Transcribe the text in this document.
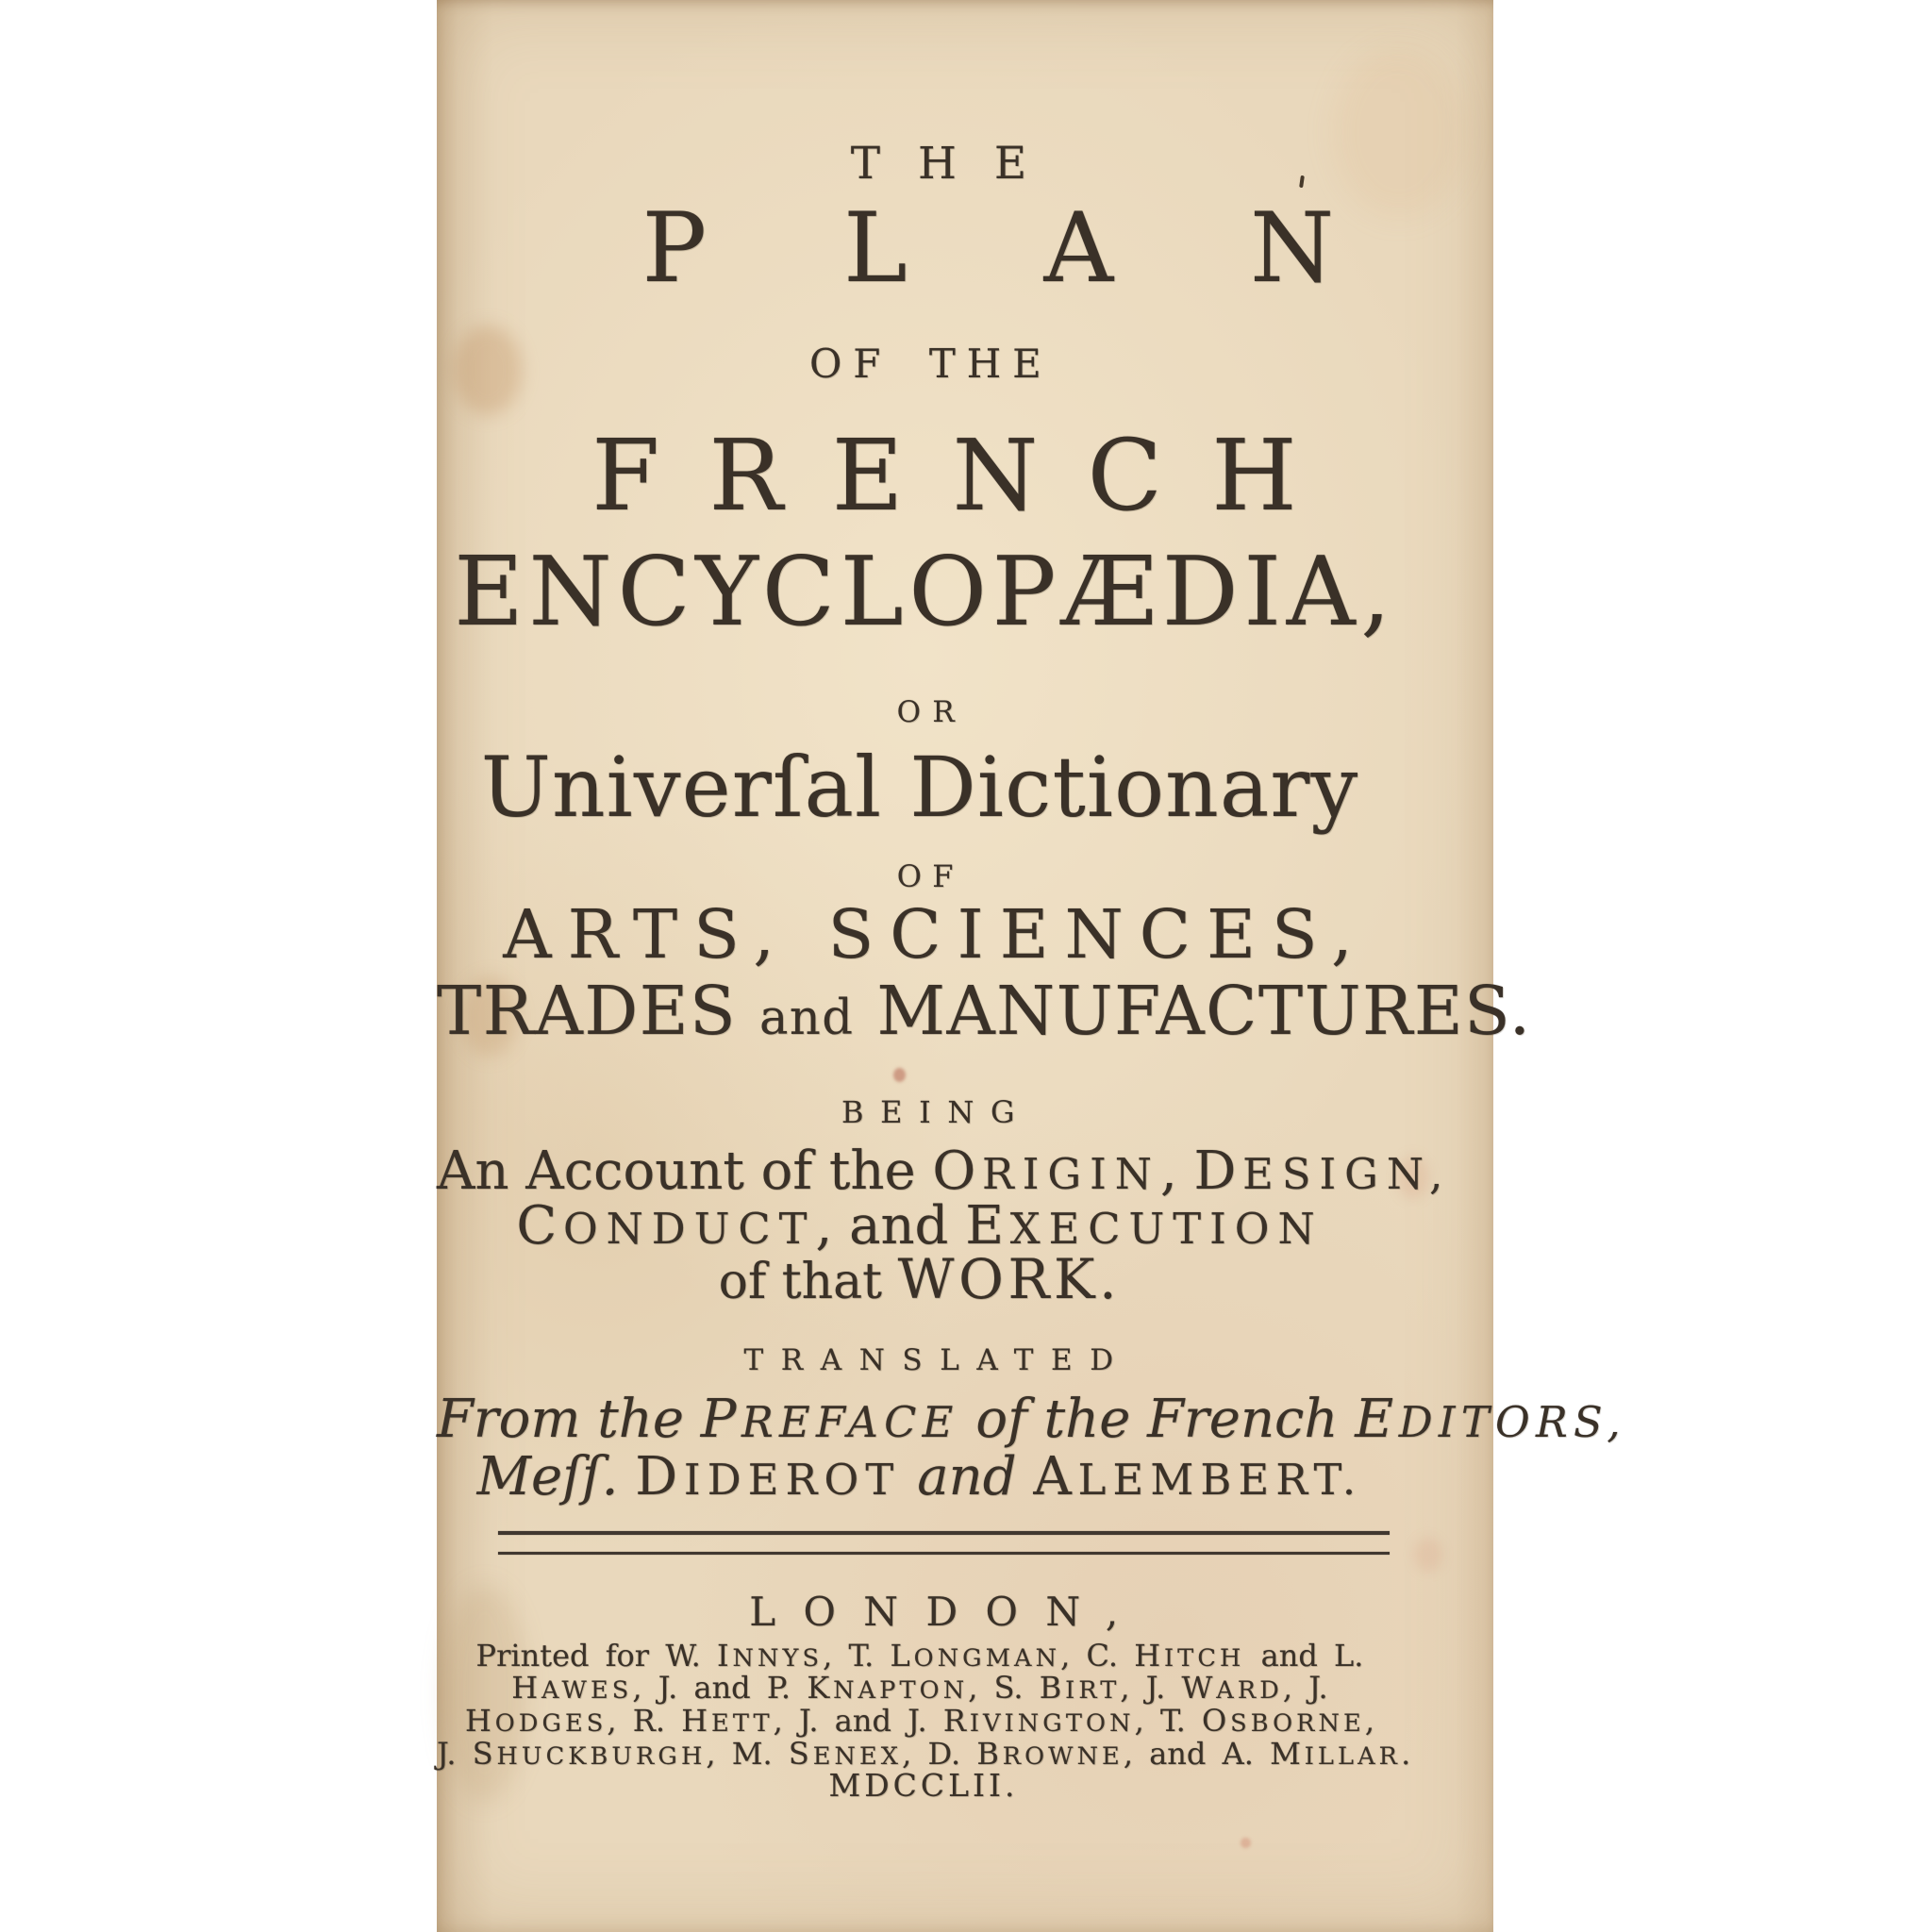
THE
PLAN
OF THE
FRENCH
ENCYCLOPÆDIA,
OR
Univerſal Dictionary
OF
ARTS, SCIENCES,
TRADES and MANUFACTURES.
BEING
An Account of the ORIGIN, DESIGN,
CONDUCT, and EXECUTION
of that WORK.
TRANSLATED
From the PREFACE of the French EDITORS,
Meſſ. DIDEROT and ALEMBERT.
LONDON,
Printed for W. INNYS, T. LONGMAN, C. HITCH and L.
HAWES, J. and P. KNAPTON, S. BIRT, J. WARD, J.
HODGES, R. HETT, J. and J. RIVINGTON, T. OSBORNE,
J. SHUCKBURGH, M. SENEX, D. BROWNE, and A. MILLAR.
MDCCLII.
